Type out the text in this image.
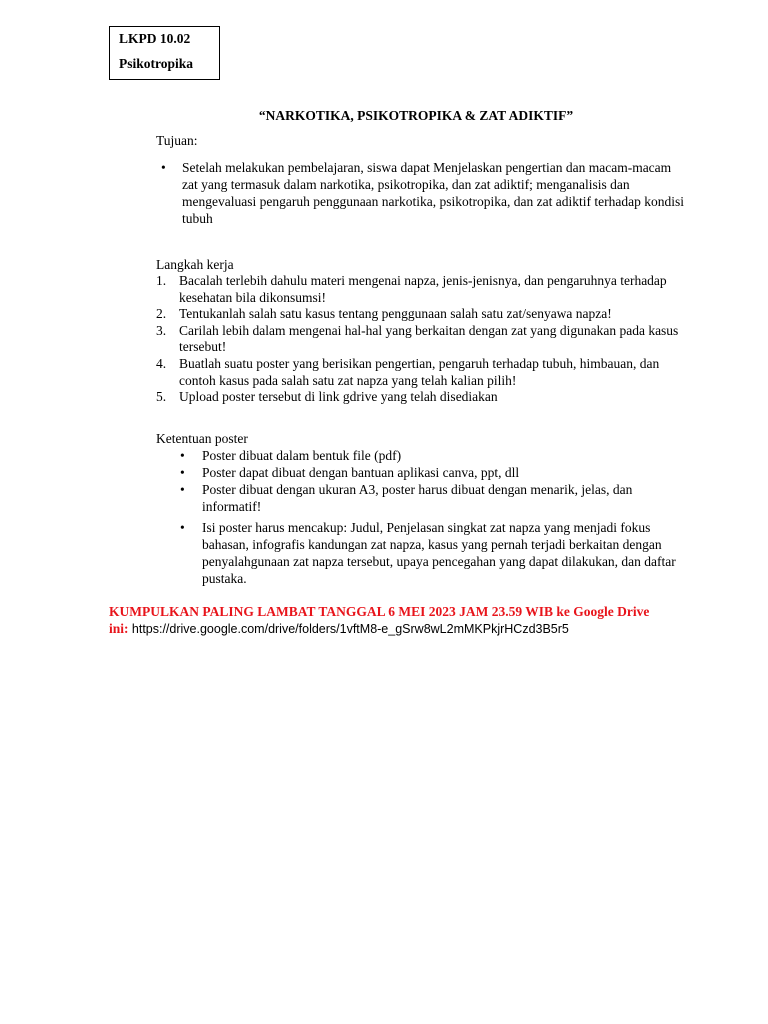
LKPD 10.02
Psikotropika
“NARKOTIKA, PSIKOTROPIKA & ZAT ADIKTIF”
Tujuan:
• Setelah melakukan pembelajaran, siswa dapat Menjelaskan pengertian dan macam-macam zat yang termasuk dalam narkotika, psikotropika, dan zat adiktif; menganalisis dan mengevaluasi pengaruh penggunaan narkotika, psikotropika, dan zat adiktif terhadap kondisi tubuh
Langkah kerja
1. Bacalah terlebih dahulu materi mengenai napza, jenis-jenisnya, dan pengaruhnya terhadap kesehatan bila dikonsumsi!
2. Tentukanlah salah satu kasus tentang penggunaan salah satu zat/senyawa napza!
3. Carilah lebih dalam mengenai hal-hal yang berkaitan dengan zat yang digunakan pada kasus tersebut!
4. Buatlah suatu poster yang berisikan pengertian, pengaruh terhadap tubuh, himbauan, dan contoh kasus pada salah satu zat napza yang telah kalian pilih!
5. Upload poster tersebut di link gdrive yang telah disediakan
Ketentuan poster
• Poster dibuat dalam bentuk file (pdf)
• Poster dapat dibuat dengan bantuan aplikasi canva, ppt, dll
• Poster dibuat dengan ukuran A3, poster harus dibuat dengan menarik, jelas, dan informatif!
• Isi poster harus mencakup: Judul, Penjelasan singkat zat napza yang menjadi fokus bahasan, infografis kandungan zat napza, kasus yang pernah terjadi berkaitan dengan penyalahgunaan zat napza tersebut, upaya pencegahan yang dapat dilakukan, dan daftar pustaka.
KUMPULKAN PALING LAMBAT TANGGAL 6 MEI 2023 JAM 23.59 WIB ke Google Drive ini: https://drive.google.com/drive/folders/1vftM8-e_gSrw8wL2mMKPkjrHCzd3B5r5
